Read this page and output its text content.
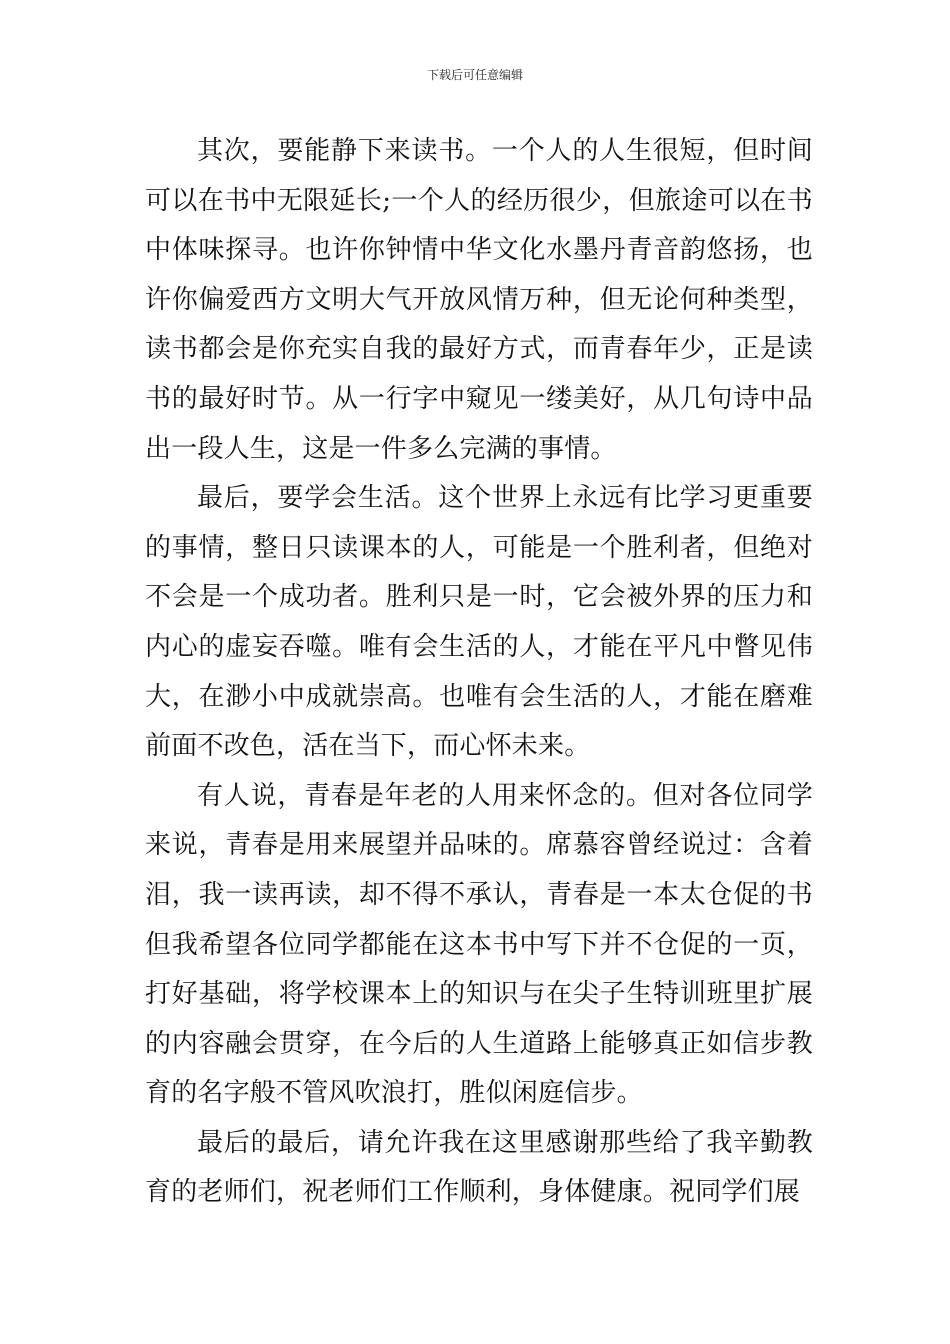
下载后可任意编辑

其次，要能静下来读书。一个人的人生很短，但时间可以在书中无限延长;一个人的经历很少，但旅途可以在书中体味探寻。也许你钟情中华文化水墨丹青音韵悠扬，也许你偏爱西方文明大气开放风情万种，但无论何种类型，读书都会是你充实自我的最好方式，而青春年少，正是读书的最好时节。从一行字中窥见一缕美好，从几句诗中品出一段人生，这是一件多么完满的事情。

最后，要学会生活。这个世界上永远有比学习更重要的事情，整日只读课本的人，可能是一个胜利者，但绝对不会是一个成功者。胜利只是一时，它会被外界的压力和内心的虚妄吞噬。唯有会生活的人，才能在平凡中瞥见伟大，在渺小中成就崇高。也唯有会生活的人，才能在磨难前面不改色，活在当下，而心怀未来。

有人说，青春是年老的人用来怀念的。但对各位同学来说，青春是用来展望并品味的。席慕容曾经说过：含着泪，我一读再读，却不得不承认，青春是一本太仓促的书但我希望各位同学都能在这本书中写下并不仓促的一页，打好基础，将学校课本上的知识与在尖子生特训班里扩展的内容融会贯穿，在今后的人生道路上能够真正如信步教育的名字般不管风吹浪打，胜似闲庭信步。

最后的最后，请允许我在这里感谢那些给了我辛勤教育的老师们，祝老师们工作顺利，身体健康。祝同学们展
